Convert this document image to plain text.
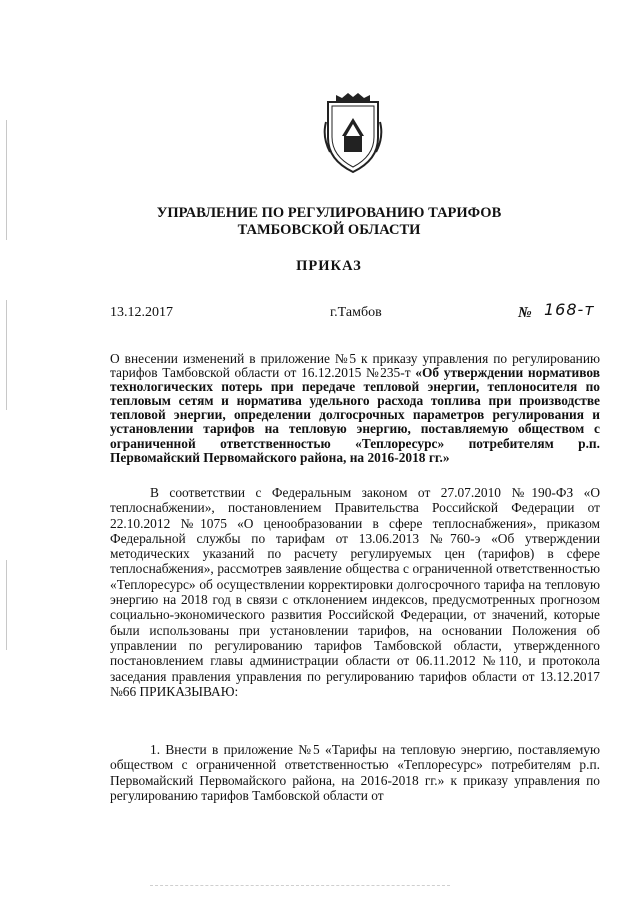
УПРАВЛЕНИЕ ПО РЕГУЛИРОВАНИЮ ТАРИФОВ
ТАМБОВСКОЙ ОБЛАСТИ
ПРИКАЗ
13.12.2017	г.Тамбов	№ 168-т
О внесении изменений в приложение №5 к приказу управления по регулированию тарифов Тамбовской области от 16.12.2015 №235-т «Об утверждении нормативов технологических потерь при передаче тепловой энергии, теплоносителя по тепловым сетям и норматива удельного расхода топлива при производстве тепловой энергии, определении долгосрочных параметров регулирования и установлении тарифов на тепловую энергию, поставляемую обществом с ограниченной ответственностью «Теплоресурс» потребителям р.п. Первомайский Первомайского района, на 2016-2018 гг.»
В соответствии с Федеральным законом от 27.07.2010 №190-ФЗ «О теплоснабжении», постановлением Правительства Российской Федерации от 22.10.2012 №1075 «О ценообразовании в сфере теплоснабжения», приказом Федеральной службы по тарифам от 13.06.2013 №760-э «Об утверждении методических указаний по расчету регулируемых цен (тарифов) в сфере теплоснабжения», рассмотрев заявление общества с ограниченной ответственностью «Теплоресурс» об осуществлении корректировки долгосрочного тарифа на тепловую энергию на 2018 год в связи с отклонением индексов, предусмотренных прогнозом социально-экономического развития Российской Федерации, от значений, которые были использованы при установлении тарифов, на основании Положения об управлении по регулированию тарифов Тамбовской области, утвержденного постановлением главы администрации области от 06.11.2012 №110, и протокола заседания правления управления по регулированию тарифов области от 13.12.2017 №66 ПРИКАЗЫВАЮ:
1. Внести в приложение №5 «Тарифы на тепловую энергию, поставляемую обществом с ограниченной ответственностью «Теплоресурс» потребителям р.п. Первомайский Первомайского района, на 2016-2018 гг.» к приказу управления по регулированию тарифов Тамбовской области от
